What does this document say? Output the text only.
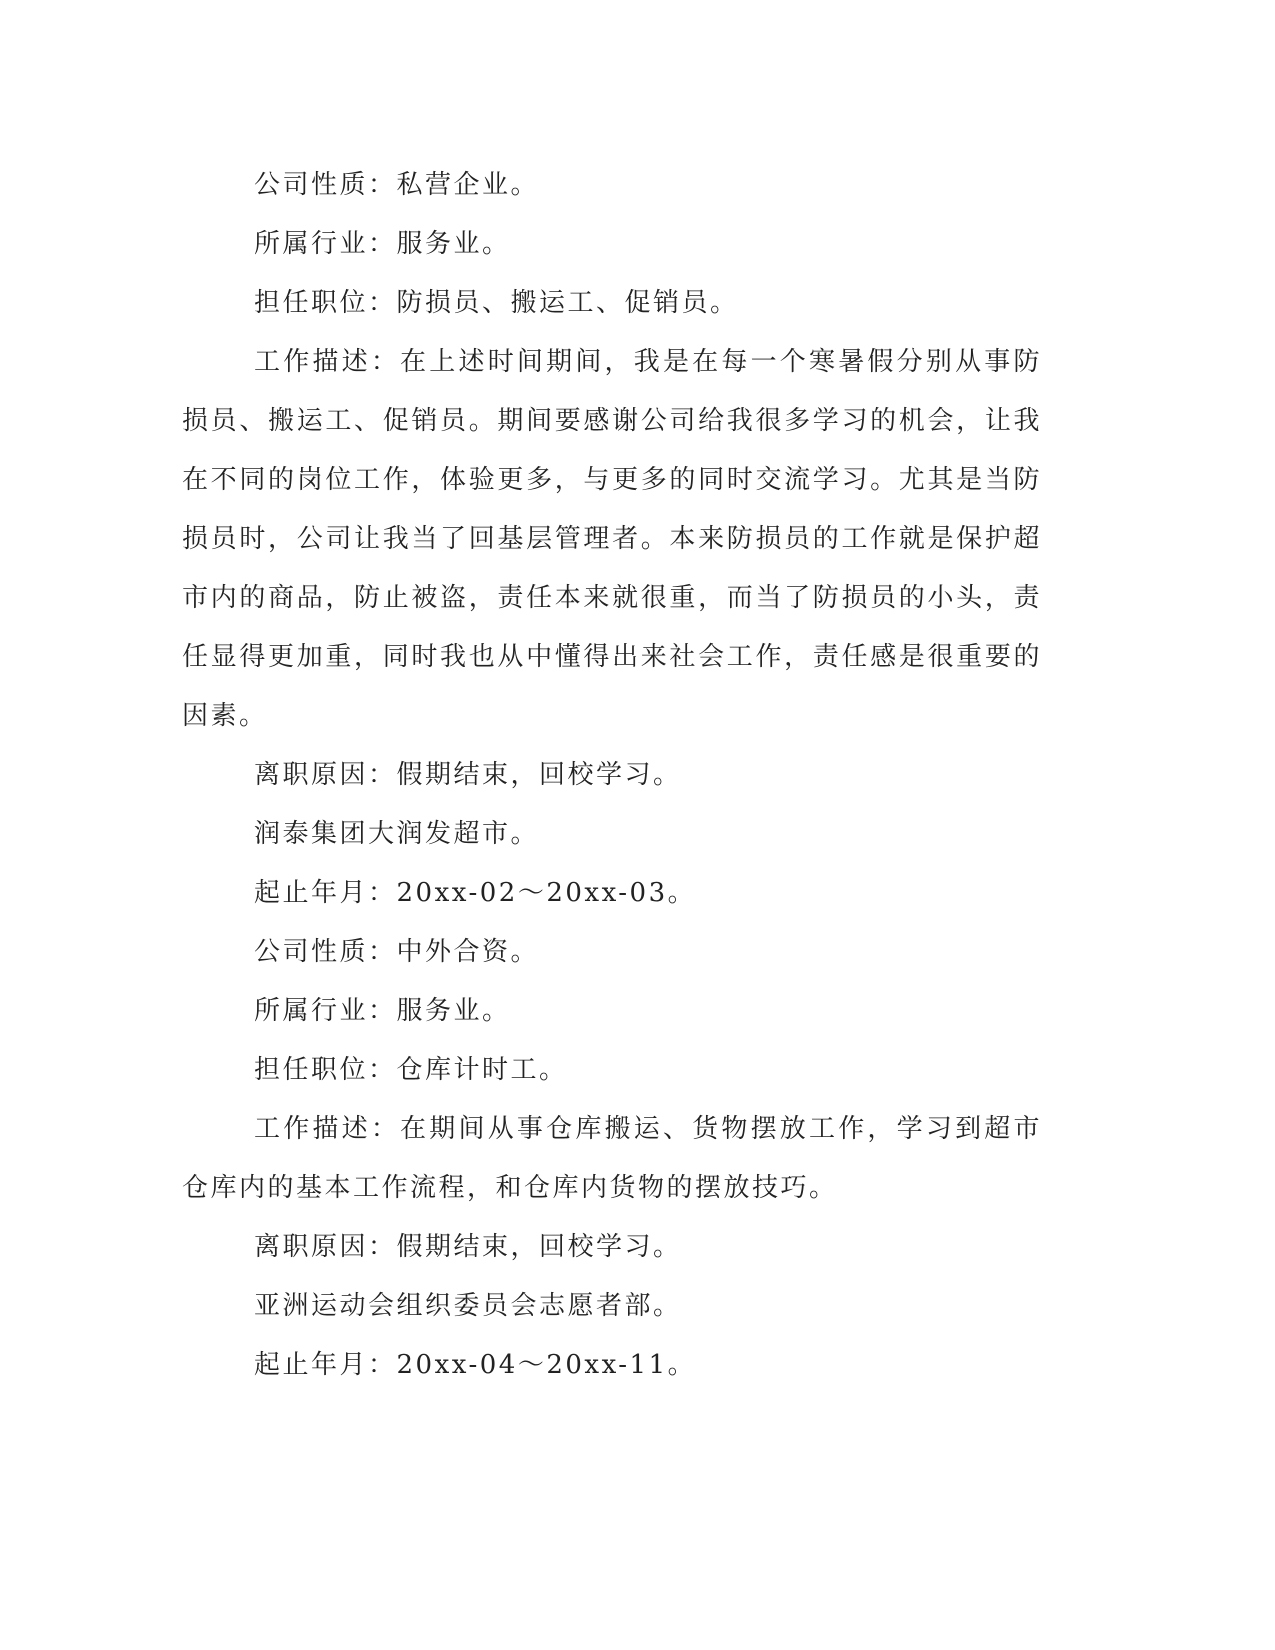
公司性质：私营企业。

所属行业：服务业。

担任职位：防损员、搬运工、促销员。

工作描述：在上述时间期间，我是在每一个寒暑假分别从事防损员、搬运工、促销员。期间要感谢公司给我很多学习的机会，让我在不同的岗位工作，体验更多，与更多的同时交流学习。尤其是当防损员时，公司让我当了回基层管理者。本来防损员的工作就是保护超市内的商品，防止被盗，责任本来就很重，而当了防损员的小头，责任显得更加重，同时我也从中懂得出来社会工作，责任感是很重要的因素。

离职原因：假期结束，回校学习。

润泰集团大润发超市。

起止年月：20xx-02～20xx-03。

公司性质：中外合资。

所属行业：服务业。

担任职位：仓库计时工。

工作描述：在期间从事仓库搬运、货物摆放工作，学习到超市仓库内的基本工作流程，和仓库内货物的摆放技巧。

离职原因：假期结束，回校学习。

亚洲运动会组织委员会志愿者部。

起止年月：20xx-04～20xx-11。
